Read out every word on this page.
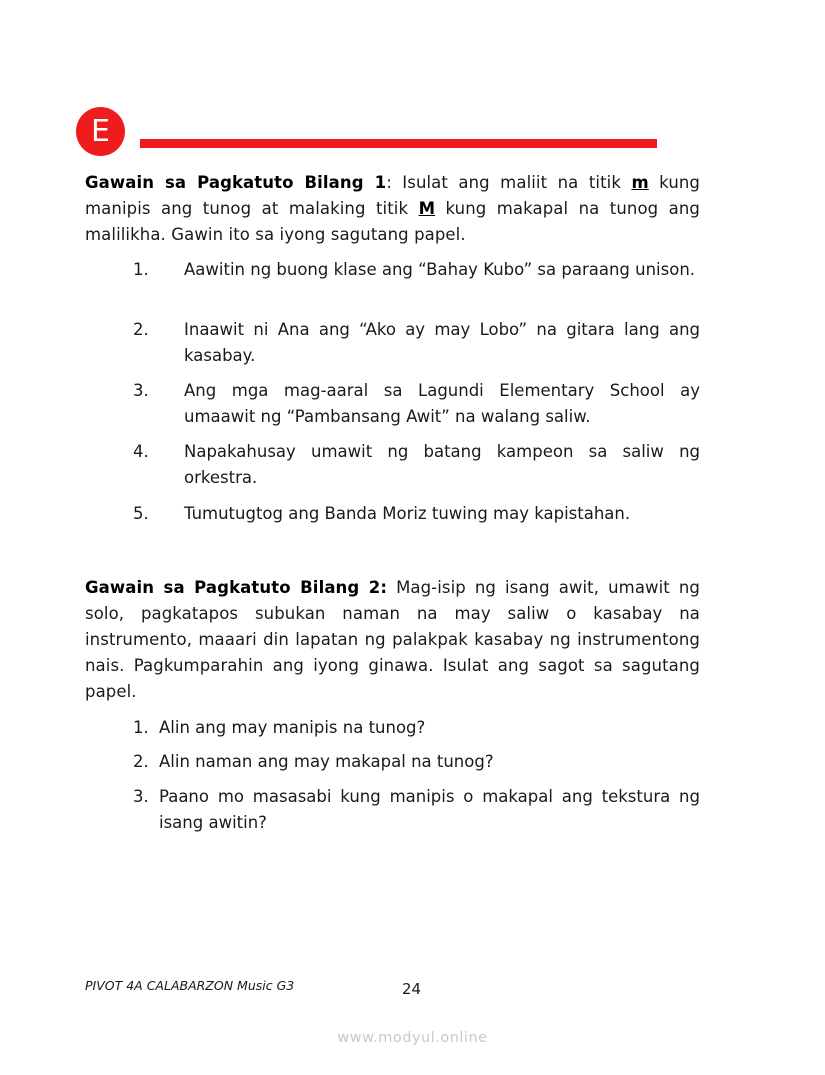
E

Gawain sa Pagkatuto Bilang 1: Isulat ang maliit na titik m kung manipis ang tunog at malaking titik M kung makapal na tunog ang malilikha. Gawin ito sa iyong sagutang papel.

1. Aawitin ng buong klase ang “Bahay Kubo” sa paraang unison.

2. Inaawit ni Ana ang “Ako ay may Lobo” na gitara lang ang kasabay.

3. Ang mga mag-aaral sa Lagundi Elementary School ay umaawit ng “Pambansang Awit” na walang saliw.

4. Napakahusay umawit ng batang kampeon sa saliw ng orkestra.

5. Tumutugtog ang Banda Moriz tuwing may kapistahan.

Gawain sa Pagkatuto Bilang 2: Mag-isip ng isang awit, umawit ng solo, pagkatapos subukan naman na may saliw o kasabay na instrumento, maaari din lapatan ng palakpak kasabay ng instrumentong nais. Pagkumparahin ang iyong ginawa. Isulat ang sagot sa sagutang papel.

1. Alin ang may manipis na tunog?

2. Alin naman ang may makapal na tunog?

3. Paano mo masasabi kung manipis o makapal ang tekstura ng isang awitin?

PIVOT 4A CALABARZON Music G3	24
www.modyul.online
